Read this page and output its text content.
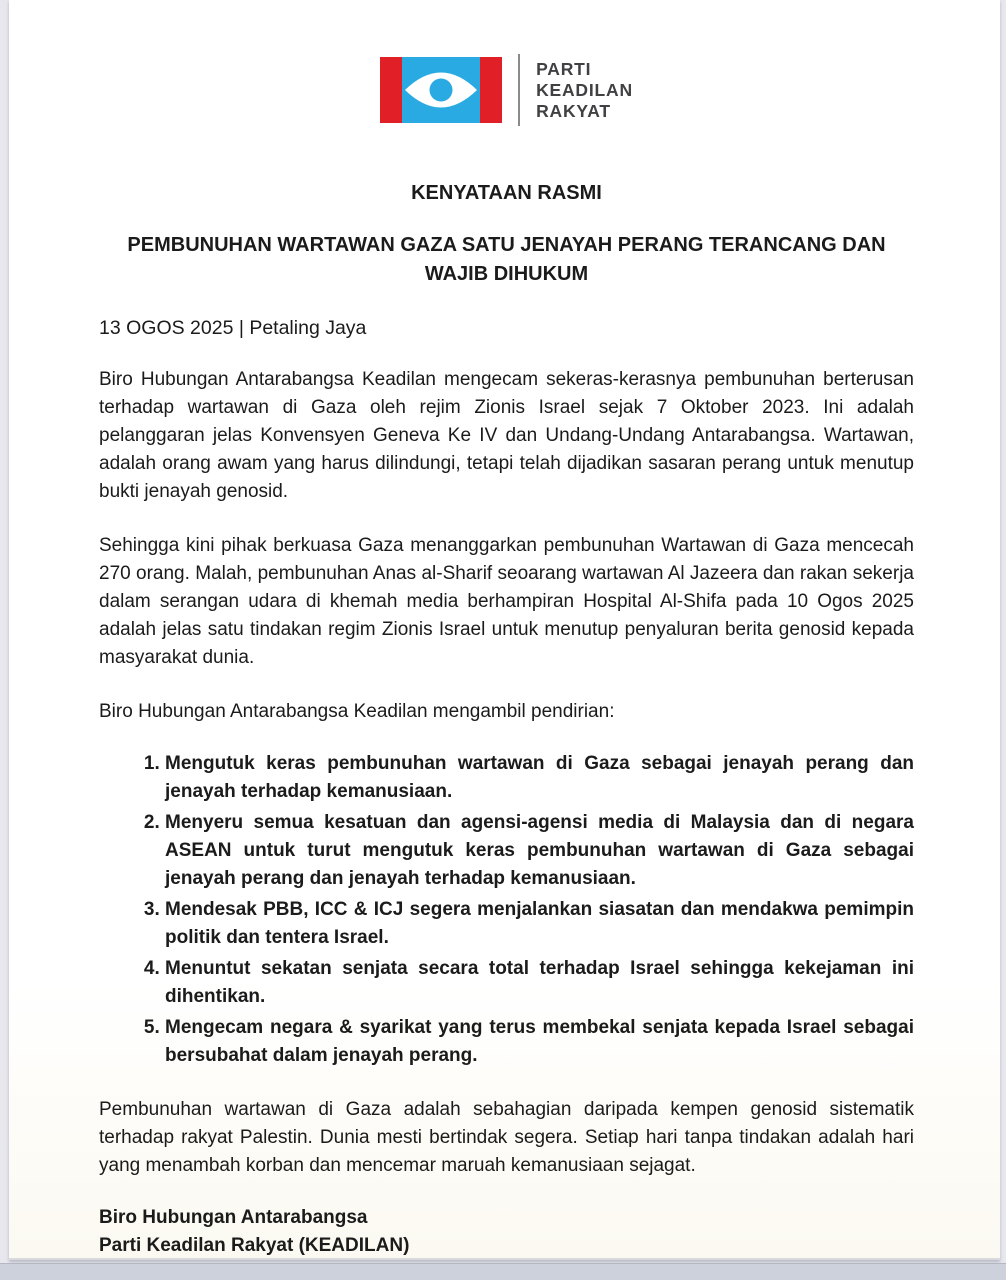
PARTI
KEADILAN
RAKYAT
KENYATAAN RASMI
PEMBUNUHAN WARTAWAN GAZA SATU JENAYAH PERANG TERANCANG DAN WAJIB DIHUKUM
13 OGOS 2025 | Petaling Jaya

Biro Hubungan Antarabangsa Keadilan mengecam sekeras-kerasnya pembunuhan berterusan terhadap wartawan di Gaza oleh rejim Zionis Israel sejak 7 Oktober 2023. Ini adalah pelanggaran jelas Konvensyen Geneva Ke IV dan Undang-Undang Antarabangsa. Wartawan, adalah orang awam yang harus dilindungi, tetapi telah dijadikan sasaran perang untuk menutup bukti jenayah genosid.

Sehingga kini pihak berkuasa Gaza menanggarkan pembunuhan Wartawan di Gaza mencecah 270 orang. Malah, pembunuhan Anas al-Sharif seoarang wartawan Al Jazeera dan rakan sekerja dalam serangan udara di khemah media berhampiran Hospital Al-Shifa pada 10 Ogos 2025 adalah jelas satu tindakan regim Zionis Israel untuk menutup penyaluran berita genosid kepada masyarakat dunia.

Biro Hubungan Antarabangsa Keadilan mengambil pendirian:

1. Mengutuk keras pembunuhan wartawan di Gaza sebagai jenayah perang dan jenayah terhadap kemanusiaan.
2. Menyeru semua kesatuan dan agensi-agensi media di Malaysia dan di negara ASEAN untuk turut mengutuk keras pembunuhan wartawan di Gaza sebagai jenayah perang dan jenayah terhadap kemanusiaan.
3. Mendesak PBB, ICC & ICJ segera menjalankan siasatan dan mendakwa pemimpin politik dan tentera Israel.
4. Menuntut sekatan senjata secara total terhadap Israel sehingga kekejaman ini dihentikan.
5. Mengecam negara & syarikat yang terus membekal senjata kepada Israel sebagai bersubahat dalam jenayah perang.

Pembunuhan wartawan di Gaza adalah sebahagian daripada kempen genosid sistematik terhadap rakyat Palestin. Dunia mesti bertindak segera. Setiap hari tanpa tindakan adalah hari yang menambah korban dan mencemar maruah kemanusiaan sejagat.

Biro Hubungan Antarabangsa
Parti Keadilan Rakyat (KEADILAN)
